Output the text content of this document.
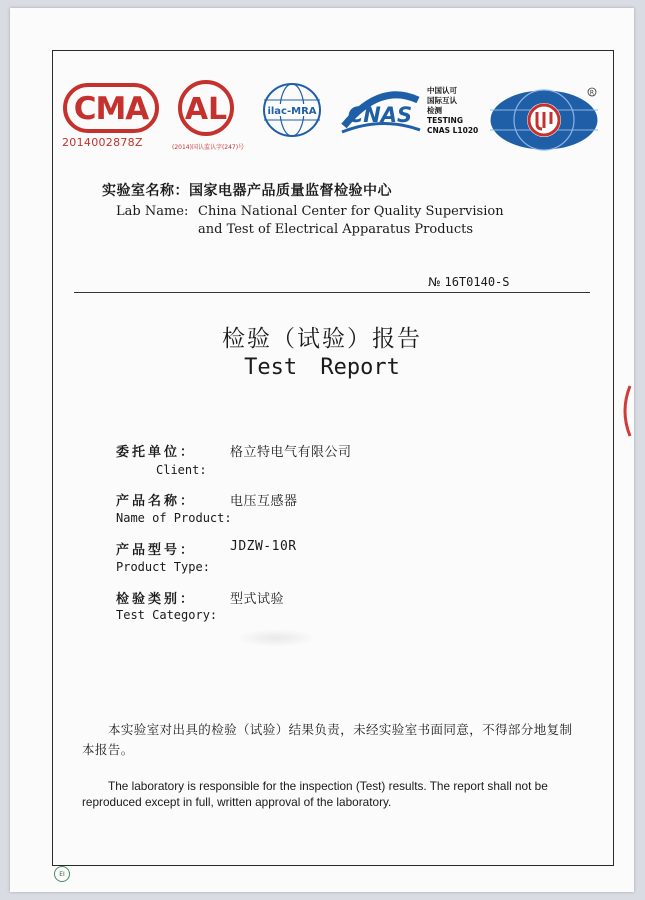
CMA
2014002878Z
AL
(2014)国认监认字(247)号
ilac-MRA CNAS
中国认可
国际互认
检测
TESTING
CNAS L1020
R
实验室名称：国家电器产品质量监督检验中心
Lab Name: China National Center for Quality Supervision
and Test of Electrical Apparatus Products
№ 16T0140-S
检验（试验）报告
Test Report
委托单位：	格立特电气有限公司
Client:
产品名称：	电压互感器
Name of Product:
产品型号：	JDZW-10R
Product Type:
检验类别：	型式试验
Test Category:
本实验室对出具的检验（试验）结果负责，未经实验室书面同意，不得部分地复制本报告。
The laboratory is responsible for the inspection (Test) results. The report shall not be reproduced except in full, written approval of the laboratory.
EI
